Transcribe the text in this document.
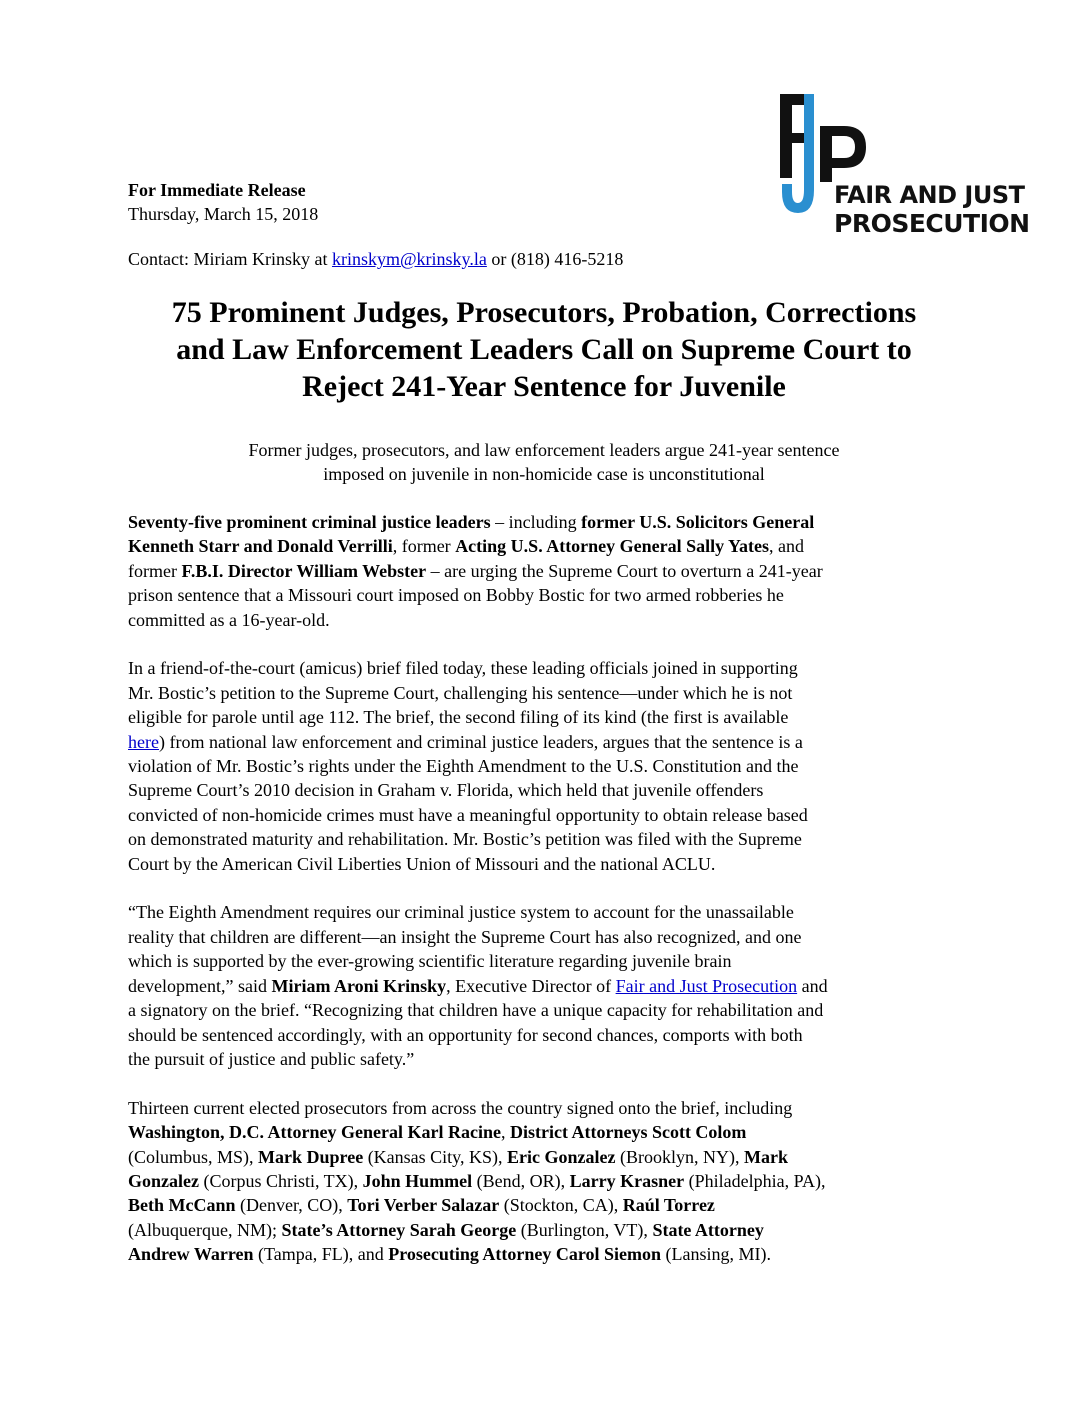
FAIR AND JUST
PROSECUTION
For Immediate Release
Thursday, March 15, 2018
Contact: Miriam Krinsky at krinskym@krinsky.la or (818) 416-5218
75 Prominent Judges, Prosecutors, Probation, Corrections
and Law Enforcement Leaders Call on Supreme Court to
Reject 241-Year Sentence for Juvenile
Former judges, prosecutors, and law enforcement leaders argue 241-year sentence
imposed on juvenile in non-homicide case is unconstitutional

Seventy-five prominent criminal justice leaders – including former U.S. Solicitors General
Kenneth Starr and Donald Verrilli, former Acting U.S. Attorney General Sally Yates, and
former F.B.I. Director William Webster – are urging the Supreme Court to overturn a 241-year
prison sentence that a Missouri court imposed on Bobby Bostic for two armed robberies he
committed as a 16-year-old.

In a friend-of-the-court (amicus) brief filed today, these leading officials joined in supporting
Mr. Bostic’s petition to the Supreme Court, challenging his sentence—under which he is not
eligible for parole until age 112. The brief, the second filing of its kind (the first is available
here) from national law enforcement and criminal justice leaders, argues that the sentence is a
violation of Mr. Bostic’s rights under the Eighth Amendment to the U.S. Constitution and the
Supreme Court’s 2010 decision in Graham v. Florida, which held that juvenile offenders
convicted of non-homicide crimes must have a meaningful opportunity to obtain release based
on demonstrated maturity and rehabilitation. Mr. Bostic’s petition was filed with the Supreme
Court by the American Civil Liberties Union of Missouri and the national ACLU.

“The Eighth Amendment requires our criminal justice system to account for the unassailable
reality that children are different—an insight the Supreme Court has also recognized, and one
which is supported by the ever-growing scientific literature regarding juvenile brain
development,” said Miriam Aroni Krinsky, Executive Director of Fair and Just Prosecution and
a signatory on the brief. “Recognizing that children have a unique capacity for rehabilitation and
should be sentenced accordingly, with an opportunity for second chances, comports with both
the pursuit of justice and public safety.”

Thirteen current elected prosecutors from across the country signed onto the brief, including
Washington, D.C. Attorney General Karl Racine, District Attorneys Scott Colom
(Columbus, MS), Mark Dupree (Kansas City, KS), Eric Gonzalez (Brooklyn, NY), Mark
Gonzalez (Corpus Christi, TX), John Hummel (Bend, OR), Larry Krasner (Philadelphia, PA),
Beth McCann (Denver, CO), Tori Verber Salazar (Stockton, CA), Raúl Torrez
(Albuquerque, NM); State’s Attorney Sarah George (Burlington, VT), State Attorney
Andrew Warren (Tampa, FL), and Prosecuting Attorney Carol Siemon (Lansing, MI).
